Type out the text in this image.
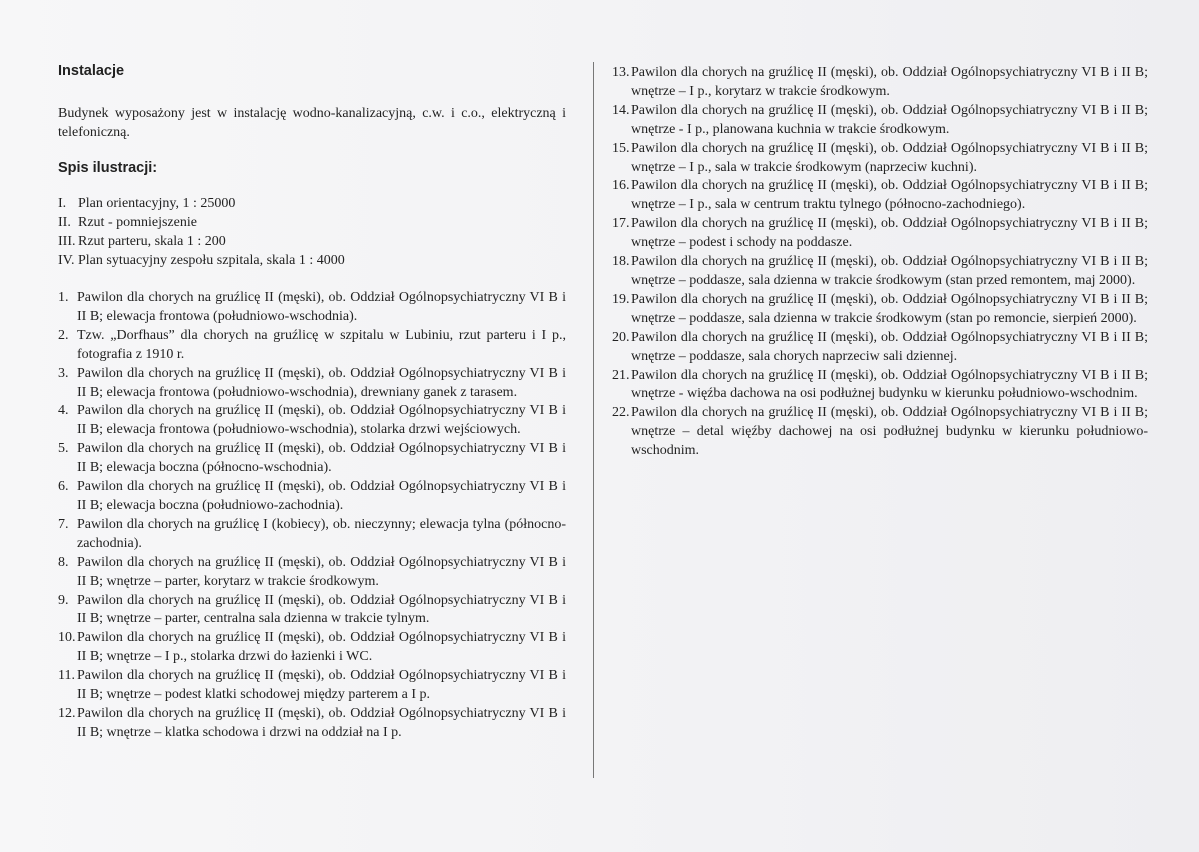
Instalacje

Budynek wyposażony jest w instalację wodno-kanalizacyjną, c.w. i c.o., elektryczną i telefoniczną.

Spis ilustracji:
I. Plan orientacyjny, 1 : 25000
II. Rzut - pomniejszenie
III. Rzut parteru, skala 1 : 200
IV. Plan sytuacyjny zespołu szpitala, skala 1 : 4000
1. Pawilon dla chorych na gruźlicę II (męski), ob. Oddział Ogólnopsychiatryczny VI B i II B; elewacja frontowa (południowo-wschodnia).
2. Tzw. „Dorfhaus” dla chorych na gruźlicę w szpitalu w Lubiniu, rzut parteru i I p., fotografia z 1910 r.
3. Pawilon dla chorych na gruźlicę II (męski), ob. Oddział Ogólnopsychiatryczny VI B i II B; elewacja frontowa (południowo-wschodnia), drewniany ganek z tarasem.
4. Pawilon dla chorych na gruźlicę II (męski), ob. Oddział Ogólnopsychiatryczny VI B i II B; elewacja frontowa (południowo-wschodnia), stolarka drzwi wejściowych.
5. Pawilon dla chorych na gruźlicę II (męski), ob. Oddział Ogólnopsychiatryczny VI B i II B; elewacja boczna (północno-wschodnia).
6. Pawilon dla chorych na gruźlicę II (męski), ob. Oddział Ogólnopsychiatryczny VI B i II B; elewacja boczna (południowo-zachodnia).
7. Pawilon dla chorych na gruźlicę I (kobiecy), ob. nieczynny; elewacja tylna (północno-zachodnia).
8. Pawilon dla chorych na gruźlicę II (męski), ob. Oddział Ogólnopsychiatryczny VI B i II B; wnętrze – parter, korytarz w trakcie środkowym.
9. Pawilon dla chorych na gruźlicę II (męski), ob. Oddział Ogólnopsychiatryczny VI B i II B; wnętrze – parter, centralna sala dzienna w trakcie tylnym.
10. Pawilon dla chorych na gruźlicę II (męski), ob. Oddział Ogólnopsychiatryczny VI B i II B; wnętrze – I p., stolarka drzwi do łazienki i WC.
11. Pawilon dla chorych na gruźlicę II (męski), ob. Oddział Ogólnopsychiatryczny VI B i II B; wnętrze – podest klatki schodowej między parterem a I p.
12. Pawilon dla chorych na gruźlicę II (męski), ob. Oddział Ogólnopsychiatryczny VI B i II B; wnętrze – klatka schodowa i drzwi na oddział na I p.
13. Pawilon dla chorych na gruźlicę II (męski), ob. Oddział Ogólnopsychiatryczny VI B i II B; wnętrze – I p., korytarz w trakcie środkowym.
14. Pawilon dla chorych na gruźlicę II (męski), ob. Oddział Ogólnopsychiatryczny VI B i II B; wnętrze - I p., planowana kuchnia w trakcie środkowym.
15. Pawilon dla chorych na gruźlicę II (męski), ob. Oddział Ogólnopsychiatryczny VI B i II B; wnętrze – I p., sala w trakcie środkowym (naprzeciw kuchni).
16. Pawilon dla chorych na gruźlicę II (męski), ob. Oddział Ogólnopsychiatryczny VI B i II B; wnętrze – I p., sala w centrum traktu tylnego (północno-zachodniego).
17. Pawilon dla chorych na gruźlicę II (męski), ob. Oddział Ogólnopsychiatryczny VI B i II B; wnętrze – podest i schody na poddasze.
18. Pawilon dla chorych na gruźlicę II (męski), ob. Oddział Ogólnopsychiatryczny VI B i II B; wnętrze – poddasze, sala dzienna w trakcie środkowym (stan przed remontem, maj 2000).
19. Pawilon dla chorych na gruźlicę II (męski), ob. Oddział Ogólnopsychiatryczny VI B i II B; wnętrze – poddasze, sala dzienna w trakcie środkowym (stan po remoncie, sierpień 2000).
20. Pawilon dla chorych na gruźlicę II (męski), ob. Oddział Ogólnopsychiatryczny VI B i II B; wnętrze – poddasze, sala chorych naprzeciw sali dziennej.
21. Pawilon dla chorych na gruźlicę II (męski), ob. Oddział Ogólnopsychiatryczny VI B i II B; wnętrze - więźba dachowa na osi podłużnej budynku w kierunku południowo-wschodnim.
22. Pawilon dla chorych na gruźlicę II (męski), ob. Oddział Ogólnopsychiatryczny VI B i II B; wnętrze – detal więźby dachowej na osi podłużnej budynku w kierunku południowo-wschodnim.
